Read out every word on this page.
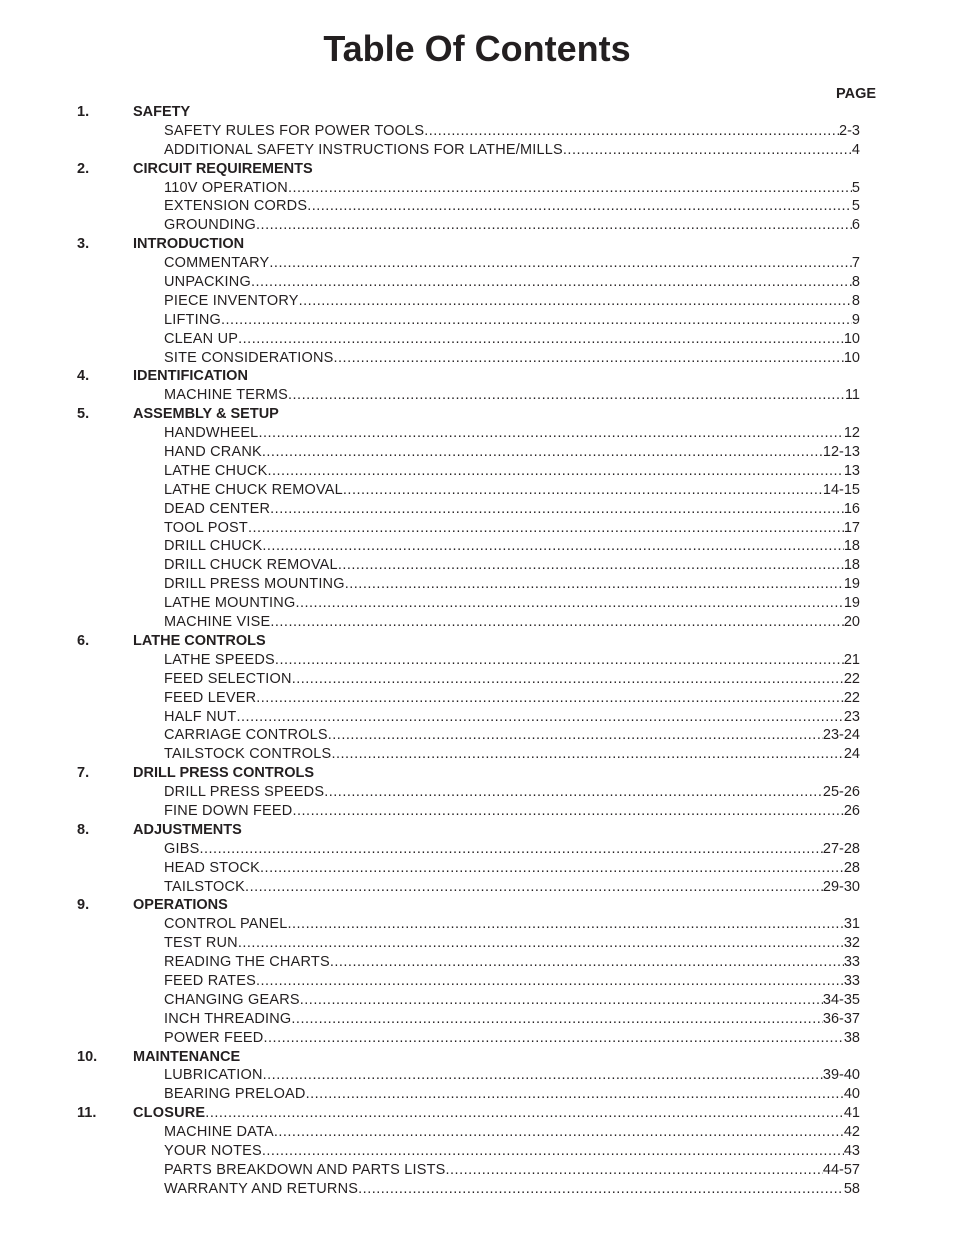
Table Of Contents
PAGE
1.	SAFETY
SAFETY RULES FOR POWER TOOLS .....	2-3
ADDITIONAL SAFETY INSTRUCTIONS FOR LATHE/MILLS .....	4
2.	CIRCUIT REQUIREMENTS
110V OPERATION .....	5
EXTENSION CORDS .....	5
GROUNDING .....	6
3.	INTRODUCTION
COMMENTARY .....	7
UNPACKING .....	8
PIECE INVENTORY .....	8
LIFTING .....	9
CLEAN UP .....	10
SITE CONSIDERATIONS .....	10
4.	IDENTIFICATION
MACHINE TERMS .....	11
5.	ASSEMBLY & SETUP
HANDWHEEL .....	12
HAND CRANK .....	12-13
LATHE CHUCK .....	13
LATHE CHUCK REMOVAL .....	14-15
DEAD CENTER .....	16
TOOL POST .....	17
DRILL CHUCK .....	18
DRILL CHUCK REMOVAL .....	18
DRILL PRESS MOUNTING .....	19
LATHE MOUNTING .....	19
MACHINE VISE .....	20
6.	LATHE CONTROLS
LATHE SPEEDS .....	21
FEED SELECTION .....	22
FEED LEVER .....	22
HALF NUT .....	23
CARRIAGE CONTROLS .....	23-24
TAILSTOCK CONTROLS .....	24
7.	DRILL PRESS CONTROLS
DRILL PRESS SPEEDS .....	25-26
FINE DOWN FEED .....	26
8.	ADJUSTMENTS
GIBS .....	27-28
HEAD STOCK .....	28
TAILSTOCK .....	29-30
9.	OPERATIONS
CONTROL PANEL .....	31
TEST RUN .....	32
READING THE CHARTS .....	33
FEED RATES .....	33
CHANGING GEARS .....	34-35
INCH THREADING .....	36-37
POWER FEED .....	38
10. MAINTENANCE
LUBRICATION .....	39-40
BEARING PRELOAD .....	40
11.	CLOSURE .....	41
MACHINE DATA .....	42
YOUR NOTES .....	43
PARTS BREAKDOWN AND PARTS LISTS .....	44-57
WARRANTY AND RETURNS .....	58
